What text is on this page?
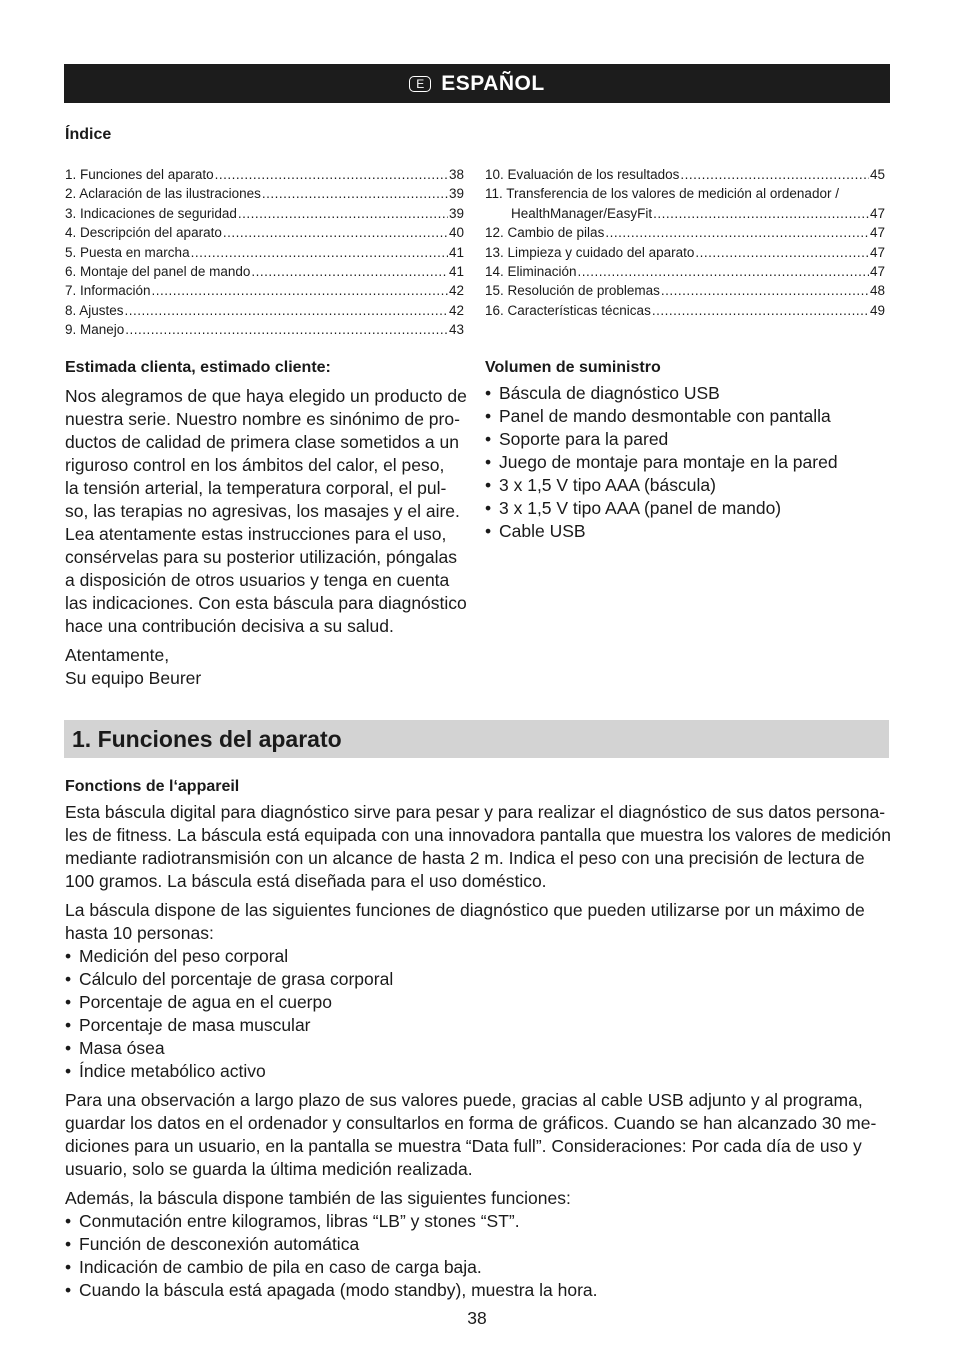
E ESPAÑOL
Índice
1. Funciones del aparato .....	38
2. Aclaración de las ilustraciones .....	39
3. Indicaciones de seguridad .....	39
4. Descripción del aparato .....	40
5. Puesta en marcha .....	41
6. Montaje del panel de mando .....	41
7. Información .....	42
8. Ajustes .....	42
9. Manejo .....	43
10. Evaluación de los resultados .....	45
11. Transferencia de los valores de medición al ordenador /
HealthManager/EasyFit .....	47
12. Cambio de pilas .....	47
13. Limpieza y cuidado del aparato .....	47
14. Eliminación .....	47
15. Resolución de problemas .....	48
16. Características técnicas .....	49
Estimada clienta, estimado cliente:
Nos alegramos de que haya elegido un producto de
nuestra serie. Nuestro nombre es sinónimo de pro-
ductos de calidad de primera clase sometidos a un
riguroso control en los ámbitos del calor, el peso,
la tensión arterial, la temperatura corporal, el pul-
so, las terapias no agresivas, los masajes y el aire.
Lea atentamente estas instrucciones para el uso,
consérvelas para su posterior utilización, póngalas
a disposición de otros usuarios y tenga en cuenta
las indicaciones. Con esta báscula para diagnóstico
hace una contribución decisiva a su salud.
Atentamente,
Su equipo Beurer
Volumen de suministro
• Báscula de diagnóstico USB
• Panel de mando desmontable con pantalla
• Soporte para la pared
• Juego de montaje para montaje en la pared
• 3 x 1,5 V tipo AAA (báscula)
• 3 x 1,5 V tipo AAA (panel de mando)
• Cable USB
1. Funciones del aparato
Fonctions de l‘appareil
Esta báscula digital para diagnóstico sirve para pesar y para realizar el diagnóstico de sus datos persona-
les de fitness. La báscula está equipada con una innovadora pantalla que muestra los valores de medición
mediante radiotransmisión con un alcance de hasta 2 m. Indica el peso con una precisión de lectura de
100 gramos. La báscula está diseñada para el uso doméstico.
La báscula dispone de las siguientes funciones de diagnóstico que pueden utilizarse por un máximo de
hasta 10 personas:
• Medición del peso corporal
• Cálculo del porcentaje de grasa corporal
• Porcentaje de agua en el cuerpo
• Porcentaje de masa muscular
• Masa ósea
• Índice metabólico activo
Para una observación a largo plazo de sus valores puede, gracias al cable USB adjunto y al programa,
guardar los datos en el ordenador y consultarlos en forma de gráficos. Cuando se han alcanzado 30 me-
diciones para un usuario, en la pantalla se muestra “Data full”. Consideraciones: Por cada día de uso y
usuario, solo se guarda la última medición realizada.
Además, la báscula dispone también de las siguientes funciones:
• Conmutación entre kilogramos, libras “LB” y stones “ST”.
• Función de desconexión automática
• Indicación de cambio de pila en caso de carga baja.
• Cuando la báscula está apagada (modo standby), muestra la hora.
38
